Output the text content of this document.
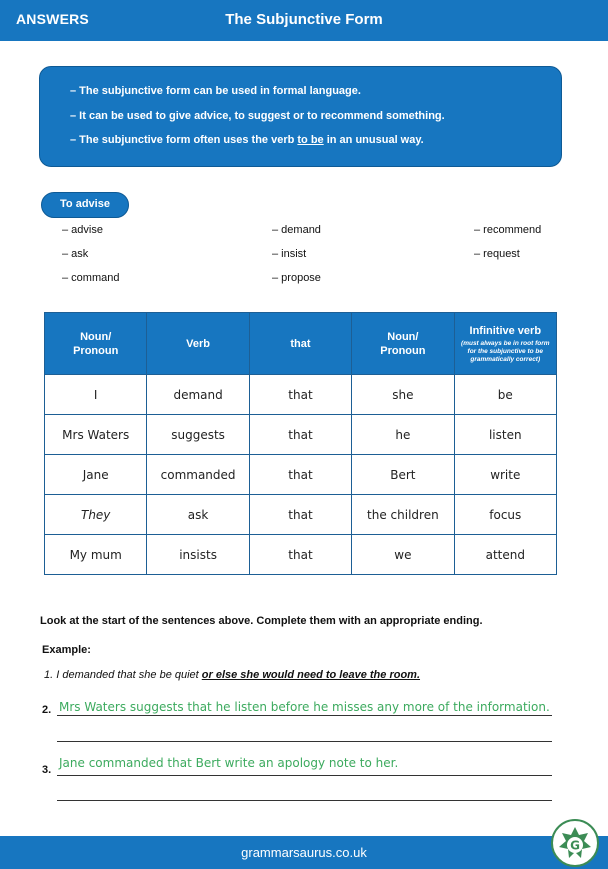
ANSWERS	The Subjunctive Form

– The subjunctive form can be used in formal language.

– It can be used to give advice, to suggest or to recommend something.

– The subjunctive form often uses the verb to be in an unusual way.

To advise
– advise	– demand	– recommend
– ask	– insist	– request
– command	– propose
Noun/ Pronoun	Verb	that	Noun/ Pronoun	Infinitive verb
(must always be in root form for the subjunctive to be grammatically correct)

I	demand	that	she	be
Mrs Waters	suggests	that	he	listen
Jane	commanded	that	Bert	write
They	ask	that	the children	focus
My mum	insists	that	we	attend
Look at the start of the sentences above. Complete them with an appropriate ending.
Example:
1. I demanded that she be quiet or else she would need to leave the room.
2. Mrs Waters suggests that he listen before he misses any more of the information.
3. Jane commanded that Bert write an apology note to her.
grammarsaurus.co.uk	G
